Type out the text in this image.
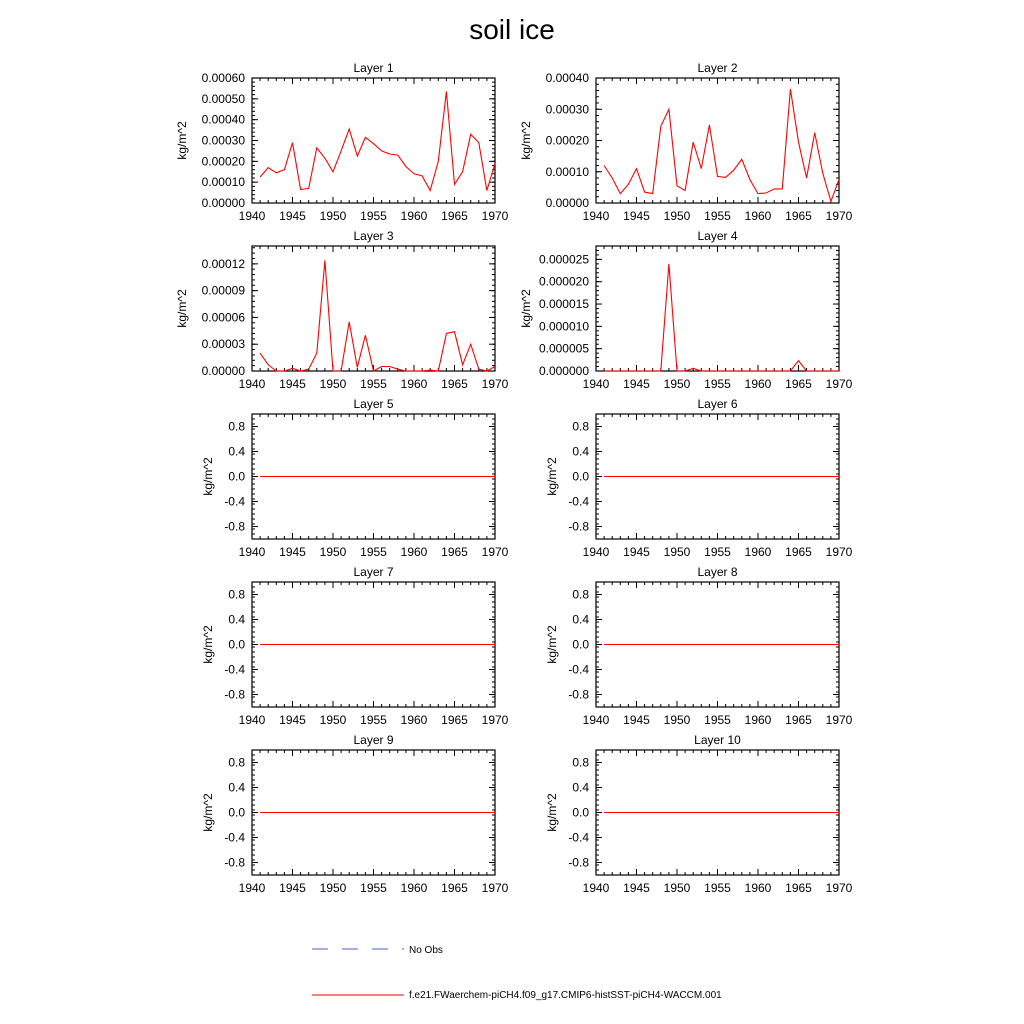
soil ice
Layer 1
kg/m^2
1940 1945 1950 1955 1960 1965 1970
0.00000
0.00010
0.00020
0.00030
0.00040
0.00050
0.00060
Layer 2
kg/m^2
1940 1945 1950 1955 1960 1965 1970
0.00000
0.00010
0.00020
0.00030
0.00040
Layer 3
kg/m^2
1940 1945 1950 1955 1960 1965 1970
0.00000
0.00003
0.00006
0.00009
0.00012
Layer 4
kg/m^2
1940 1945 1950 1955 1960 1965 1970
0.000000
0.000005
0.000010
0.000015
0.000020
0.000025
Layer 5
kg/m^2
1940 1945 1950 1955 1960 1965 1970
-0.8
-0.4
0.0
0.4
0.8
Layer 6
kg/m^2
1940 1945 1950 1955 1960 1965 1970
-0.8
-0.4
0.0
0.4
0.8
Layer 7
kg/m^2
1940 1945 1950 1955 1960 1965 1970
-0.8
-0.4
0.0
0.4
0.8
Layer 8
kg/m^2
1940 1945 1950 1955 1960 1965 1970
-0.8
-0.4
0.0
0.4
0.8
Layer 9
kg/m^2
1940 1945 1950 1955 1960 1965 1970
-0.8
-0.4
0.0
0.4
0.8
Layer 10
kg/m^2
1940 1945 1950 1955 1960 1965 1970
-0.8
-0.4
0.0
0.4
0.8
No Obs
f.e21.FWaerchem-piCH4.f09_g17.CMIP6-histSST-piCH4-WACCM.001
